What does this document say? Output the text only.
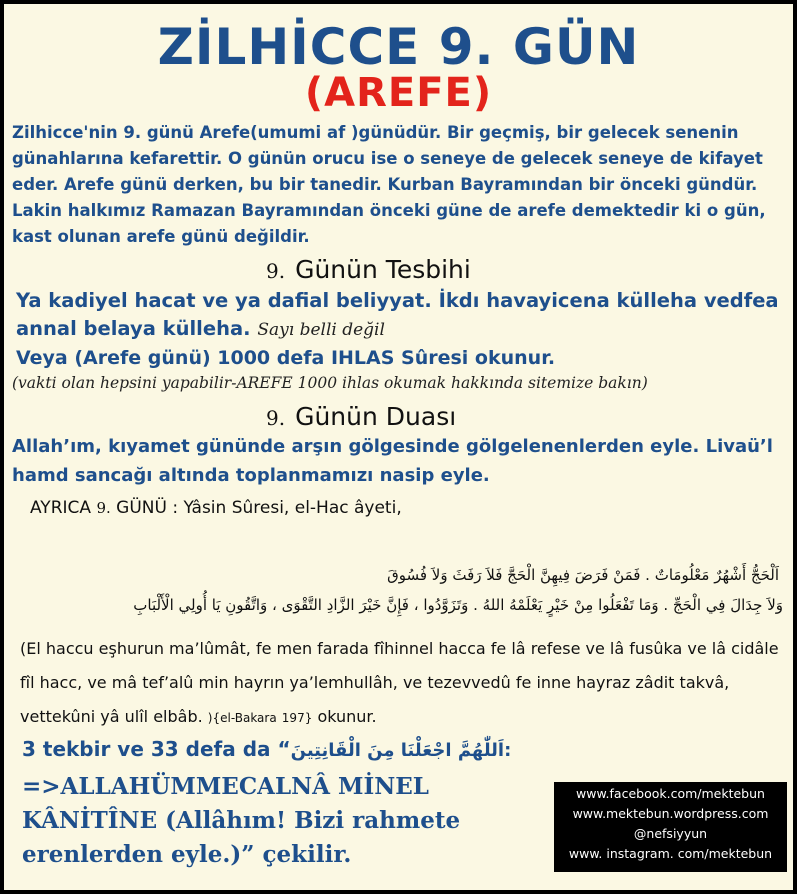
ZİLHİCCE 9. GÜN
(AREFE)
Zilhicce'nin 9. günü Arefe(umumi af )günüdür. Bir geçmiş, bir gelecek senenin günahlarına kefarettir. O günün orucu ise o seneye de gelecek seneye de kifayet eder. Arefe günü derken, bu bir tanedir. Kurban Bayramından bir önceki gündür. Lakin halkımız Ramazan Bayramından önceki güne de arefe demektedir ki o gün, kast olunan arefe günü değildir.
9. Günün Tesbihi
Ya kadiyel hacat ve ya dafial beliyyat. İkdı havayicena külleha vedfea annal belaya külleha. Sayı belli değil
Veya (Arefe günü) 1000 defa IHLAS Sûresi okunur.
(vakti olan hepsini yapabilir-AREFE 1000 ihlas okumak hakkında sitemize bakın)
9. Günün Duası
Allah’ım, kıyamet gününde arşın gölgesinde gölgelenenlerden eyle. Livaü’l hamd sancağı altında toplanmamızı nasip eyle.
AYRICA 9. GÜNÜ : Yâsin Sûresi, el-Hac âyeti,
اَلْحَجُّ أَشْهُرٌ مَعْلُومَاتٌ . فَمَنْ فَرَضَ فِيهِنَّ الْحَجَّ فَلاَ رَفَثَ وَلاَ فُسُوقَ
وَلاَ جِدَالَ فِي الْحَجِّ . وَمَا تَفْعَلُوا مِنْ خَيْرٍ يَعْلَمْهُ اللهُ . وَتَزَوَّدُوا ، فَإِنَّ خَيْرَ الزَّادِ التَّقْوَى ، وَاتَّقُونِ يَا أُولِي الْأَلْبَابِ
(El haccu eşhurun ma’lûmât, fe men farada fîhinnel hacca fe lâ refese ve lâ fusûka ve lâ cidâle fîl hacc, ve mâ tef’alû min hayrın ya’lemhullâh, ve tezevvedû fe inne hayraz zâdit takvâ, vettekûni yâ ulîl elbâb. ){el-Bakara 197} okunur.
3 tekbir ve 33 defa da “اَللّٰهُمَّ اجْعَلْنَا مِنَ الْقَانِتِينَ:
=>ALLAHÜMMECALNÂ MİNEL KÂNİTÎNE (Allâhım! Bizi rahmete erenlerden eyle.)” çekilir.
www.facebook.com/mektebun
www.mektebun.wordpress.com
@nefsiyyun
www. instagram. com/mektebun
